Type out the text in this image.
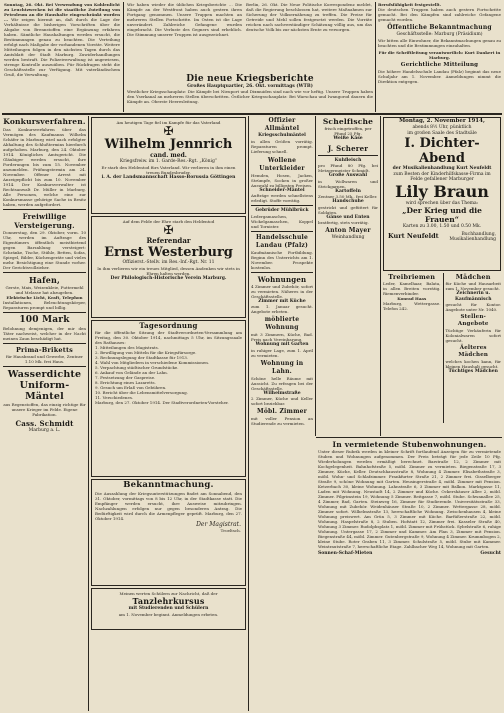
Sonntag, 26. Okt. Bei Verwendung von Kohlenlicht zu Leuchtzwecken ist die staatliche Zuteilung von Petroleum an die Haushalte eingeschränkt worden … Wir zeigen hiermit an, daß durch die Lage der Verhältnisse die bisherigen Vorschriften über die Abgabe von Brennstoffen eine Ergänzung erfahren haben. Sämtliche Haushaltungen werden ersucht, die Bestimmungen genau zu beachten. Die Verteilung erfolgt nach Maßgabe der vorhandenen Vorräte. Weitere Mitteilungen folgen in den nächsten Tagen durch das Amtsblatt der Stadt Marburg. Zuwiderhandlungen werden bestraft. Die Polizeiverwaltung ist angewiesen, strenge Kontrolle auszuüben. Für Rückfragen steht die Geschäftsstelle zur Verfügung. Mit vaterländischem Gruß, die Verwaltung.
Wir haben wieder die üblichen Kriegsberichte … Die Kämpfe an der Westfront haben auch gestern ihren Fortgang genommen. Unsere Truppen machten an mehreren Stellen Fortschritte. Im Osten ist die Lage unverändert. Zahlreiche Gefangene wurden eingebracht. Die Verluste des Gegners sind erheblich. Die Stimmung unserer Truppen ist ausgezeichnet.
Die neue Kriegsberichte
Großes Hauptquartier, 26. Okt. vormittags (WTB)
Westlicher Kriegsschauplatz: Die Kämpfe bei Nieuport und Dixmuiden sind nach wie vor heftig. Unsere Truppen haben den Yserkanal an mehreren Stellen überschritten. Östlicher Kriegsschauplatz: Bei Warschau und Iwangorod dauern die Kämpfe an. Oberste Heeresleitung.
Berlin, 26. Okt. Die Neue Politische Korrespondenz meldet, daß die Regierung beschlossen hat, weitere Maßnahmen zur Sicherung der Volksernährung zu treffen. Die Preise für Getreide und Mehl sollen festgesetzt werden. Die Vorräte reichen nach sachverständiger Schätzung völlig aus, um das deutsche Volk bis zur nächsten Ernte zu versorgen.
Berufsfähigkeit festgestellt.
Die deutschen Truppen haben auch gestern Fortschritte gemacht. Bei den Kämpfen sind zahlreiche Gefangene gemacht worden.
Öffentliche Bekanntmachung
Geschäftsstelle: Marburg (Präsidium)
Wir bitten alle Einwohner, die Bekanntmachungen genau zu beachten und die Bestimmungen einzuhalten.
Für die Schriftleitung verantwortlich: Kurt Dankert in Marburg.
Gerichtliche Mitteilung
Die höhere Handelsschule Landau (Pfalz) beginnt das neue Schuljahr am 1. November. Anmeldungen nimmt die Direktion entgegen.
Konkursverfahren.
Das Konkursverfahren über das Vermögen des Kaufmanns Wilhelm Schäfer in Marburg wird nach erfolgter Abhaltung des Schlußtermins hierdurch aufgehoben. Marburg, den 24. Oktober 1914. Königliches Amtsgericht. Die Gläubiger werden ersucht, ihre Forderungen bis zum 15. November anzumelden. Prüfungstermin am 24. November. Offener Arrest mit Anzeigepflicht bis zum 10. November 1914. Der Konkursverwalter ist Rechtsanwalt Dr. Müller in Marburg. Alle Personen, welche eine zur Konkursmasse gehörige Sache in Besitz haben, werden aufgefordert.
Freiwillige Versteigerung.
Donnerstag, den 29. Oktober, vorm. 10 Uhr, werden im Auftrage des Eigentümers öffentlich meistbietend gegen Barzahlung versteigert: Schränke, Tische, Stühle, Betten, Sofas, Spiegel, Bilder, Küchengeräte und vieles mehr. Besichtigung eine Stunde vorher. Der Gerichtsvollzieher.
Hafen,
Gerste, Mais, Weizenkleie, Futtermehl und Melasse hat abzugeben.
Elektrische Licht, Kraft, Telephon
Installationen, Beleuchtungskörper, Reparaturen prompt und billig.
100 Mark
Belohnung demjenigen, der mir den Täter nachweist, welcher in der Nacht meinen Zaun beschädigt hat.
Prima-Briketts
für Hausbrand und Gewerbe, Zentner 1.10 Mk. frei Haus.
Wasserdichte Uniform-Mäntel
aus Regenstoffen, das einzig richtige für unsere Krieger im Felde. Eigene Fabrikation.
Cass. Schmidt
Marburg a. L.
Am heutigen Tage fiel im Kampfe für das Vaterland
✠
Wilhelm Jennrich
cand. med.
Kriegsfreiw. im 1. Garde-Res.-Rgt. „König“
Er starb den Heldentod fürs Vaterland. Wir verlieren in ihm einen treuen Bundesbruder.
i. A. der Landsmannschaft Hasso-Borussia Göttingen
Auf dem Felde der Ehre starb den Heldentod
✠
Referendar
Ernst Westerburg
Offizierst.-Stellv. im Res.-Inf.-Rgt. Nr. 11
In ihm verlieren wir ein treues Mitglied, dessen Andenken wir stets in Ehren halten werden.
Der Philologisch-Historische Verein Marburg.
Tagesordnung
für die öffentliche Sitzung der Stadtverordneten-Versammlung am Freitag, den 30. Oktober 1914, nachmittags 5 Uhr, im Sitzungssaale des Rathauses:
1. Mitteilungen des Magistrats.
2. Bewilligung von Mitteln für die Kriegsfürsorge.
3. Rechnungslegung der Stadtkasse für 1913.
4. Wahl von Mitgliedern in verschiedene Kommissionen.
5. Verpachtung städtischer Grundstücke.
6. Ankauf von Gelände an der Lahn.
7. Festsetzung der Gaspreise.
8. Errichtung eines Lazaretts.
9. Gesuch um Erlaß von Gebühren.
10. Bericht über die Lebensmittelversorgung.
11. Verschiedenes.
Marburg, den 27. Oktober 1914. Der Stadtverordneten-Vorsteher.
Bekanntmachung.
Die Auszahlung der Kriegsunterstützungen findet am Sonnabend, den 31. Oktober, vormittags von 8 bis 12 Uhr, in der Stadtkasse statt. Die Empfänger werden ersucht, ihre Ausweise mitzubringen. Nachzahlungen erfolgen nur gegen besonderen Antrag. Die Bedürftigkeit wird durch die Armenpfleger geprüft. Marburg, den 27. Oktober 1914.
Der Magistrat.
Troeltsch.
Meinen werten Schülern zur Nachricht, daß der
Tanzlehrkursus
mit Studierenden und Schülern
am 1. November beginnt. Anmeldungen erbeten.
Offizier Allmäntel
Kriegsschulmäntel
in allen Größen vorrätig. Reparaturen prompt. Lieferung schnell.
Wollene Unterkleider
Hemden, Hosen, Jacken, Strümpfe, Socken in großer Auswahl zu billigsten Preisen.
Schneider-Mäntel
Aufträge werden schnellstens erledigt. Stoffe vorrätig.
Gebrüder Mühlbrück
Ledergamaschen, Wickelgamaschen, Koppel und Tornister.
Handelsschule Landau (Pfalz)
Kaufmännische Fortbildung. Beginn des Unterrichts am 1. November. Prospekte kostenlos.
Wohnungen
4 Zimmer und Zubehör, sofort zu vermieten. Näheres in der Geschäftsstelle.
Zimmer mit Küche
zum 1. Januar gesucht. Angebote erbeten.
möblierte Wohnung
mit 3 Zimmern, Küche, Bad. Preis nach Vereinbarung.
Wohnung mit Garten
in ruhiger Lage, zum 1. April zu vermieten.
Wohnung in Lahn.
Schöne helle Räume mit Aussicht. Zu erfragen bei der Geschäftsstelle.
Wilhelmstraße
2 Zimmer, Küche und Keller sofort beziehbar.
Möbl. Zimmer
mit voller Pension an Studierende zu vermieten.
Schelfische
frisch eingetroffen, per Pfund 25 Pfg.
Weiße Käse
J. Scherer
Kuhfleisch
pro Pfund 80 Pfg. bei Metzgermeister Schmidt.
Große Auswahl
in Wollwaren und Strickgarnen.
Kartoffeln
Zentner 3.50 Mk., frei Keller.
Handschuhe
gestrickt und gefüttert für Soldaten.
Gänse und Enten
bratfertig, stets vorrätig.
Anton Mayer
Weinhandlung
Montag, 2. November 1914,
abends 8½ Uhr, pünktlich
im großen Saale des Stadtsäle
I. Dichter-Abend
der Musikalienhandlung Kurt Neufeldt
zum Besten der Kinderhilfskasse-Firma im Felde gefallener Marburger
Lily Braun
wird sprechen über das Thema:
„Der Krieg und die Frauen“
Karten zu 3.00, 1.50 und 0.50 Mk.
Kurt Neufeldt	Buchhandlung, Musikalienhandlung
Treibriemen
Leder, Kamelhaar, Balata, in allen Breiten vorrätig. Riemenverbinder.
Konrad Haas
Marburg, Wettergasse. Telefon 242.
Mädchen
für Küche und Hausarbeit zum 1. November gesucht.
Zeichnerin u. Kaufmännisch
gesucht für Kontor. Angebote unter Nr. 1040.
Stellen-Angebote
Tüchtige Verkäuferin für Kolonialwaren sofort gesucht.
Äelteres Mädchen
welches kochen kann, für kleinen Haushalt gesucht.
Tüchtiges Mädchen
In vermietende Stubenwohnungen.
Unter dieser Rubrik werden in kleiner Schrift fortlaufend Anzeigen für zu vermietende Stuben und Wohnungen aufgenommen. Der Preis beträgt für jede Zeile 10 Pfg. Wiederholungen werden ermäßigt berechnet. Barstraße 12, 2 Zimmer mit Kochgelegenheit. Bahnhofstraße 5, möbl. Zimmer zu vermieten. Biegenstraße 17, 3 Zimmer, Küche, Keller. Deutschhausstraße 8, Wohnung 4 Zimmer. Elisabethstraße 3, möbl. Wohn- und Schlafzimmer. Frankfurter Straße 21, 2 Zimmer frei. Gisselberger Straße 9, schöne Wohnung mit Garten. Heusingerstraße 4, möbl. Zimmer mit Pension. Ketzerbach 30, kleine Wohnung. Lahnstraße 6, 3 Zimmer mit Balkon. Marktgasse 11, Laden mit Wohnung. Neustadt 14, 2 Zimmer und Küche. Ockershäuser Allee 2, möbl. Zimmer. Pilgrimstein 19, Wohnung 5 Zimmer. Reitgasse 7, möbl. Stube. Schwanallee 25, 4 Zimmer, Bad, Garten. Steinweg 16, Zimmer für Studierende. Universitätsstraße 33, Wohnung mit Zubehör. Weidenhäuser Straße 10, 2 Zimmer. Wettergasse 28, möbl. Zimmer sofort. Wilhelmstraße 13, herrschaftliche Wohnung. Zwischenhausen 4, kleine Wohnung preiswert. Am Grün 5, 3 Zimmer mit Küche. Barfüßerstraße 22, möbl. Wohnung. Haspelstraße 8, 2 Stuben. Hofstatt 12, Zimmer frei. Kasseler Straße 40, Wohnung 3 Zimmer. Rudolphsplatz 1, möbl. Zimmer mit Frühstück. Sybelstraße 6, ruhige Wohnung. Untergasse 17, 2 Zimmer und Kammer. Am Plan 3, Zimmer mit Pension. Biegenstraße 44, möbl. Zimmer. Gutenbergstraße 9, Wohnung 4 Zimmer. Krummbogen 2, kleine Stube. Roter Graben 11, 3 Zimmer. Schulstraße 5, möbl. Stube mit Kammer. Weintrautstraße 7, herrschaftliche Etage. Zahlbacher Weg 14, Wohnung mit Garten.
Sonnen-Schaf-Mieten	Gesucht
